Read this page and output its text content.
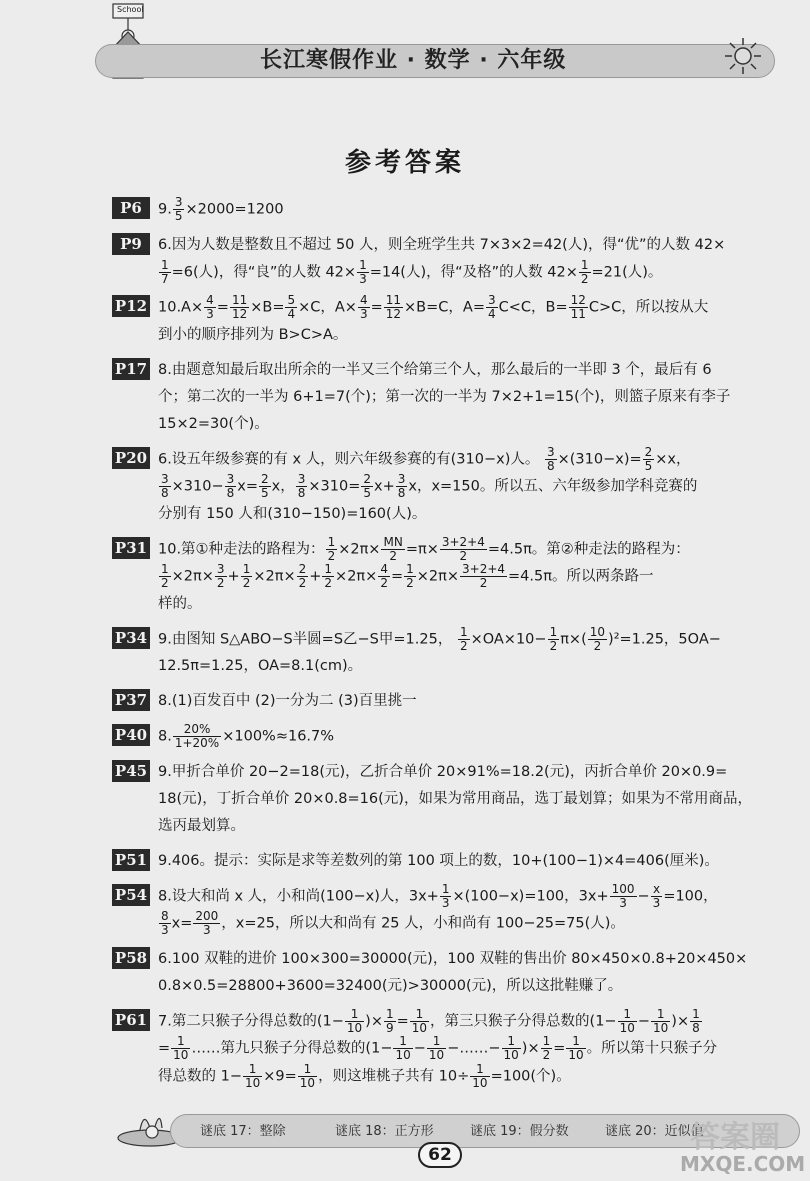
School
长江寒假作业 · 数学 · 六年级
参考答案
P6	9. $\frac{3}{5} \times 2000=1200$
P9	6.因为人数是整数且不超过 50 人，则全班学生共 7×3×2=42(人)，得“优”的人数 42×
$\frac{1}{7} =6$(人)，得“良”的人数 $42\times \frac{1}{3} =14$(人)，得“及格”的人数 $42\times \frac{1}{2} =21$(人)。
P12 $10.A\times \frac{4}{3} = \frac{11}{12} \times B= \frac{5}{4} \times C$，$A\times \frac{4}{3} = \frac{11}{12} \times B=C$，$A= \frac{3}{4} C<C$，$B= \frac{12}{11} C>C$，所以按从大
到小的顺序排列为 B>C>A。
P17 8.由题意知最后取出所余的一半又三个给第三个人，那么最后的一半即 3 个，最后有 6
个；第二次的一半为 6+1=7(个)；第一次的一半为 7×2+1=15(个)，则篮子原来有李子
15×2=30(个)。
P20 6.设五年级参赛的有 x 人，则六年级参赛的有(310−x)人。 $\frac{3}{8} \times(310-x)= \frac{2}{5} \times x$，
$\frac{3}{8} \times 310- \frac{3}{8} x= \frac{2}{5}$ x， $\frac{3}{8} \times 310= \frac{2}{5} x+ \frac{3}{8}$ x，x=150。所以五、六年级参加学科竞赛的
分别有 150 人和(310−150)=160(人)。
P31 10.第①种走法的路程为： $\frac{1}{2} \times 2\pi\times \frac{MN}{2} =\pi\times \frac{3+2+4}{2} =4.5\pi$。第②种走法的路程为：
$\frac{1}{2} \times 2\pi\times \frac{3}{2} + \frac{1}{2} \times 2\pi\times \frac{2}{2} + \frac{1}{2} \times 2\pi\times \frac{4}{2} = \frac{1}{2} \times 2\pi\times \frac{3+2+4}{2} =4.5\pi$。所以两条路一
样的。
P34 9.由图知 S△ABO−S半圆=S乙−S甲=1.25， $\frac{1}{2} \times OA\times 10- \frac{1}{2} \pi\times( \frac{10}{2} )^2=1.25$，5OA−
12.5π=1.25，OA=8.1(cm)。
P37 8.(1)百发百中 (2)一分为二 (3)百里挑一
P40 8. $\frac{20\%}{1+20\%} \times 100\%\approx 16.7\%$
P45 9.甲折合单价 20−2=18(元)，乙折合单价 20×91%=18.2(元)，丙折合单价 20×0.9=
18(元)，丁折合单价 20×0.8=16(元)，如果为常用商品，选丁最划算；如果为不常用商品，
选丙最划算。
P51 9.406。提示：实际是求等差数列的第 100 项上的数，10+(100−1)×4=406(厘米)。
P54 8.设大和尚 x 人，小和尚(100−x)人，$3x+ \frac{1}{3} \times(100-x)=100$，$3x+ \frac{100}{3} - \frac{x}{3} =100$，
$\frac{8}{3} x= \frac{200}{3}$ ，x=25，所以大和尚有 25 人，小和尚有 100−25=75(人)。
P58 6.100 双鞋的进价 100×300=30000(元)，100 双鞋的售出价 80×450×0.8+20×450×
0.8×0.5=28800+3600=32400(元)>30000(元)，所以这批鞋赚了。
P61 7.第二只猴子分得总数的($1- \frac{1}{10}$ )× $\frac{1}{9} = \frac{1}{10}$ ，第三只猴子分得总数的($1- \frac{1}{10} - \frac{1}{10}$ )× $\frac{1}{8}$
= $\frac{1}{10}$ ……第九只猴子分得总数的($1- \frac{1}{10} - \frac{1}{10}$ −……− $\frac{1}{10}$ )× $\frac{1}{2} = \frac{1}{10}$ 。所以第十只猴子分
得总数的 $1- \frac{1}{10} \times 9= \frac{1}{10}$ ，则这堆桃子共有 $10\div \frac{1}{10} =100$(个)。
谜底 17：整除	谜底 18：正方形	谜底 19：假分数	谜底 20：近似值
62	答案圈
MXQE.COM
